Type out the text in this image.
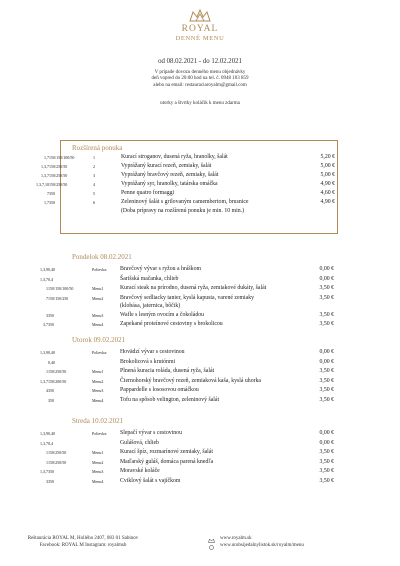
ROYAL
DENNÉ MENU
od 08.02.2021 - do 12.02.2021
V prípade dovozu denného menu objednávky
deň vopred do 20:00 hod na tel. č. 0948 103 859
alebo na email: restauraciaroyalm@gmail.com
utorky a štvrtky koláčik k menu zdarma
1,7 150/150/100/50	1	Kurací stroganov, dusená ryža, hranolky, šalát	5,20 €
1,3,7 150/250/50	2	Vyprážaný kurací rezeň, zemiaky, šalát	5,00 €
1,3,7 150/250/50	3	Vyprážaný bravčový rezeň, zemiaky, šalát	5,00 €
1,3,7,10 150/250/50	4	Vyprážaný syr, hranolky, tatárska omáčka	4,90 €
7 350	5	Penne quatro formaggi	4,60 €
1,7 350	6	Zeleninový šalát s grilovaným camembertom, brusnice	4,90 €
(Doba prípravy na rozšírenú ponuku je min. 10 min.)
Rozšírená ponuka
Pondelok 08.02.2021
1,3,9 0,40	Polievka: Bravčový vývar s ryžou a hráškom	0,00 €
1,3,7 0,4	Šarišská mačanka, chlieb	0,00 €
1 150/150/100/50	Menu1	Kurací steak na prírodno, dusená ryža, zemiakové dukáty, šalát	3,50 €
7 150/150/250	Menu2	Bravčový sedliacky tanier, kyslá kapusta, varené zemiaky	3,50 €
(klobása, jaternica, bôčik)
3 350	Menu3	Wafle s lesným ovocím a čokoládou	3,50 €
3,7 350	Menu4	Zapekané proteínové cestoviny s brokolicou	3,50 €
Utorok 09.02.2021
1,3,9 0,40	Polievka: Hovädzí vývar s cestovinou	0,00 €
0,40	Brokolicová s krutónmi	0,00 €
1 150/250/50	Menu1	Plnená kuracia roláda, dusená ryža, šalát	3,50 €
1,3,7 150/200/50	Menu2	Čiernohorský bravčový rezeň, zemiaková kaša, kyslá uhorka	3,50 €
4 350	Menu3	Pappardelle s lososovou omáčkou	3,50 €
350	Menu4	Tofu na spôsob velington, zeleninový šalát	3,50 €
Streda 10.02.2021
1,3,9 0,40	Polievka: Slepačí vývar s cestovinou	0,00 €
1,3,7 0,4	Gulášová, chlieb	0,00 €
1 150/250/50	Menu1	Kurací špíz, rozmarínové zemiaky, šalát	3,50 €
1 150/250/50	Menu2	Maďarský guláš, domáca parená knedľa	3,50 €
1,3,7 350	Menu3	Moravské koláče	3,50 €
3 350	Menu4	Cviklový šalát s vajíčkom	3,50 €
Reštaurácia ROYAL M, Hollého 2407, 083 01 Sabinov
Facebook: ROYAL M Instagram: royalmsb
www.royalm.sk
www.urobsijedalnylistok.sk/royalm/menu
